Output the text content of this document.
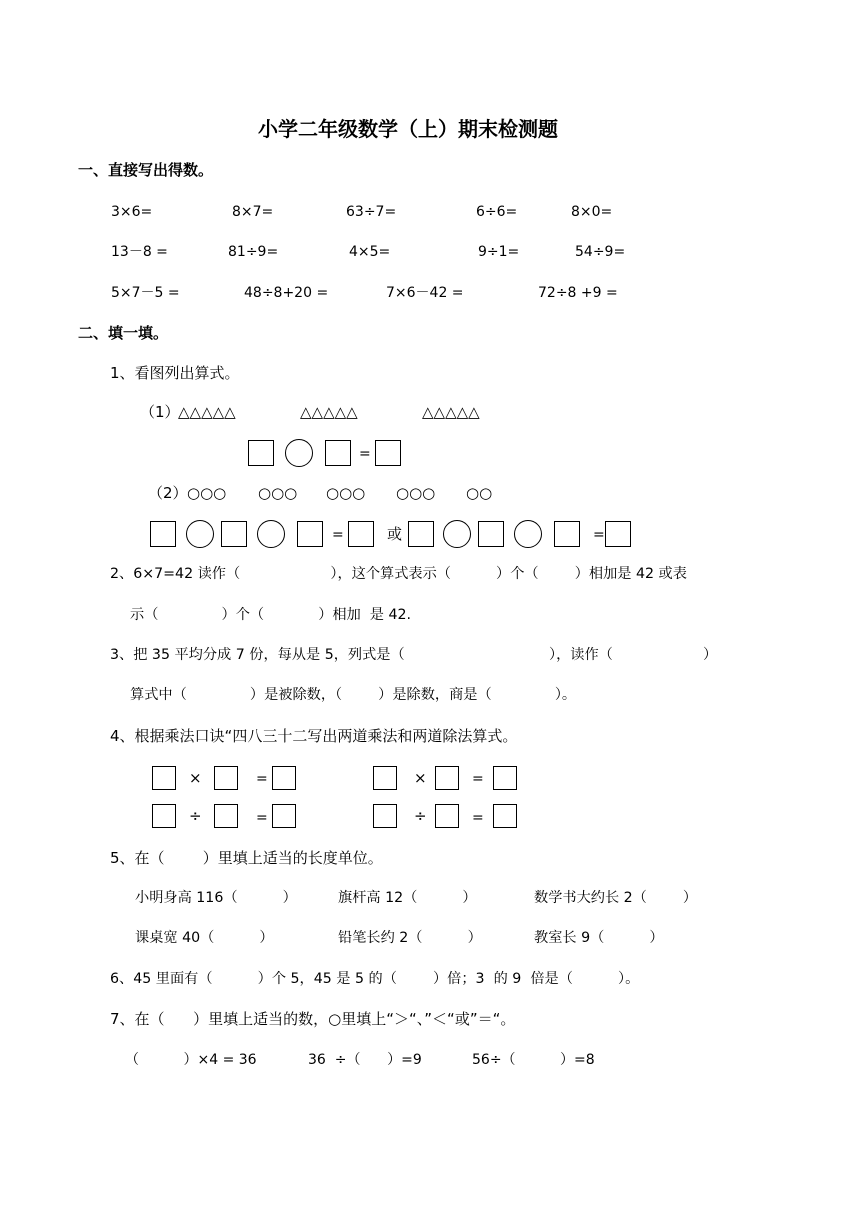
小学二年级数学（上）期末检测题
一、直接写出得数。
3×6=	8×7=	63÷7=	6÷6=	8×0=
13－8 =	81÷9=	4×5=	9÷1=	54÷9=
5×7－5 =	48÷8+20 =	7×6－42 =	72÷8 +9 =
二、填一填。
1、看图列出算式。
（1）
△△△△△	△△△△△	△△△△△
=
（2） ○○○ ○○○ ○○○ ○○○ ○○
=	或	=
2、6×7=42 读作（                    ），这个算式表示（          ）个（        ）相加是 42 或表
示（              ）个（            ）相加  是 42.
3、把 35 平均分成 7 份，每从是 5，列式是（                                ），读作（                    ）
算式中（              ）是被除数，（        ）是除数，商是（              ）。
4、根据乘法口诀“四八三十二写出两道乘法和两道除法算式。
×	=	×	=
÷	=	÷	=
5、在（        ）里填上适当的长度单位。
小明身高 116（          ）	旗杆高 12（          ）	数学书大约长 2（        ）
课桌宽 40（          ）	铅笔长约 2（          ）	教室长 9（          ）
6、45 里面有（          ）个 5，45 是 5 的（        ）倍；3  的 9  倍是（          ）。
7、在（      ）里填上适当的数，○里填上“＞“、”＜“或”＝“。
（          ）×4 = 36	36  ÷（      ）=9	56÷（          ）=8
